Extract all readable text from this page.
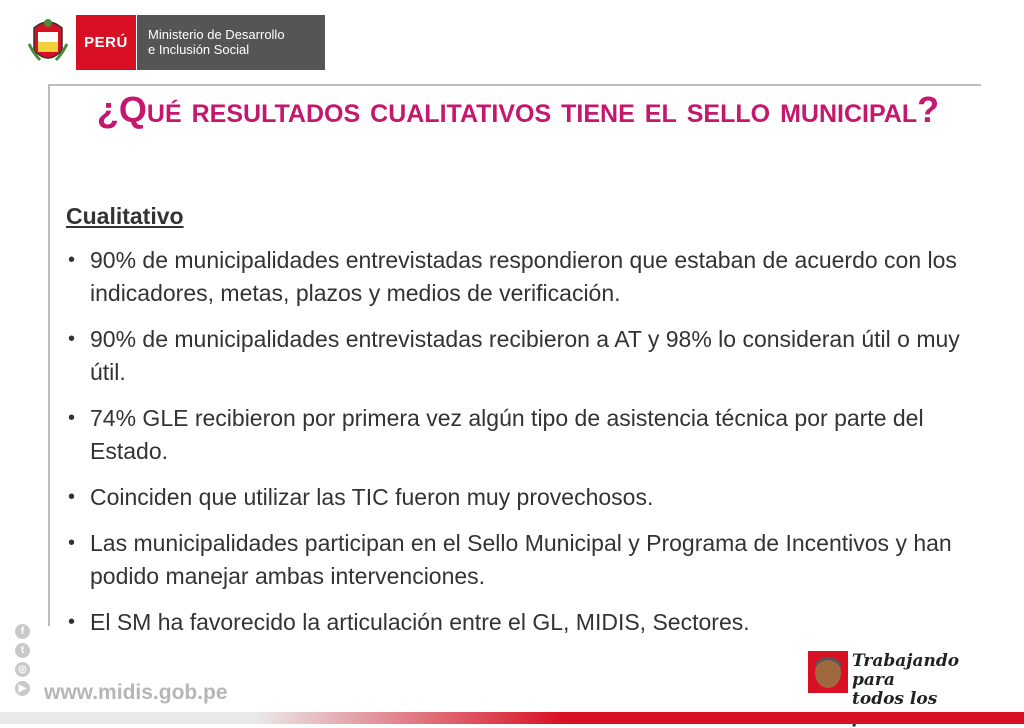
PERÚ	Ministerio de Desarrollo
e Inclusión Social
¿Qué resultados cualitativos tiene el sello municipal?
Cualitativo
• 90% de municipalidades entrevistadas respondieron que estaban de acuerdo con los indicadores, metas, plazos y medios de verificación.
• 90% de municipalidades entrevistadas recibieron a AT y 98% lo consideran útil o muy útil.
• 74% GLE recibieron por primera vez algún tipo de asistencia técnica por parte del Estado.
• Coinciden que utilizar las TIC fueron muy provechosos.
• Las municipalidades participan en el Sello Municipal y Programa de Incentivos y han podido manejar ambas intervenciones.
• El SM ha favorecido la articulación entre el GL, MIDIS, Sectores.
f
t
◎
▶ www.midis.gob.pe
Trabajando para
todos los
